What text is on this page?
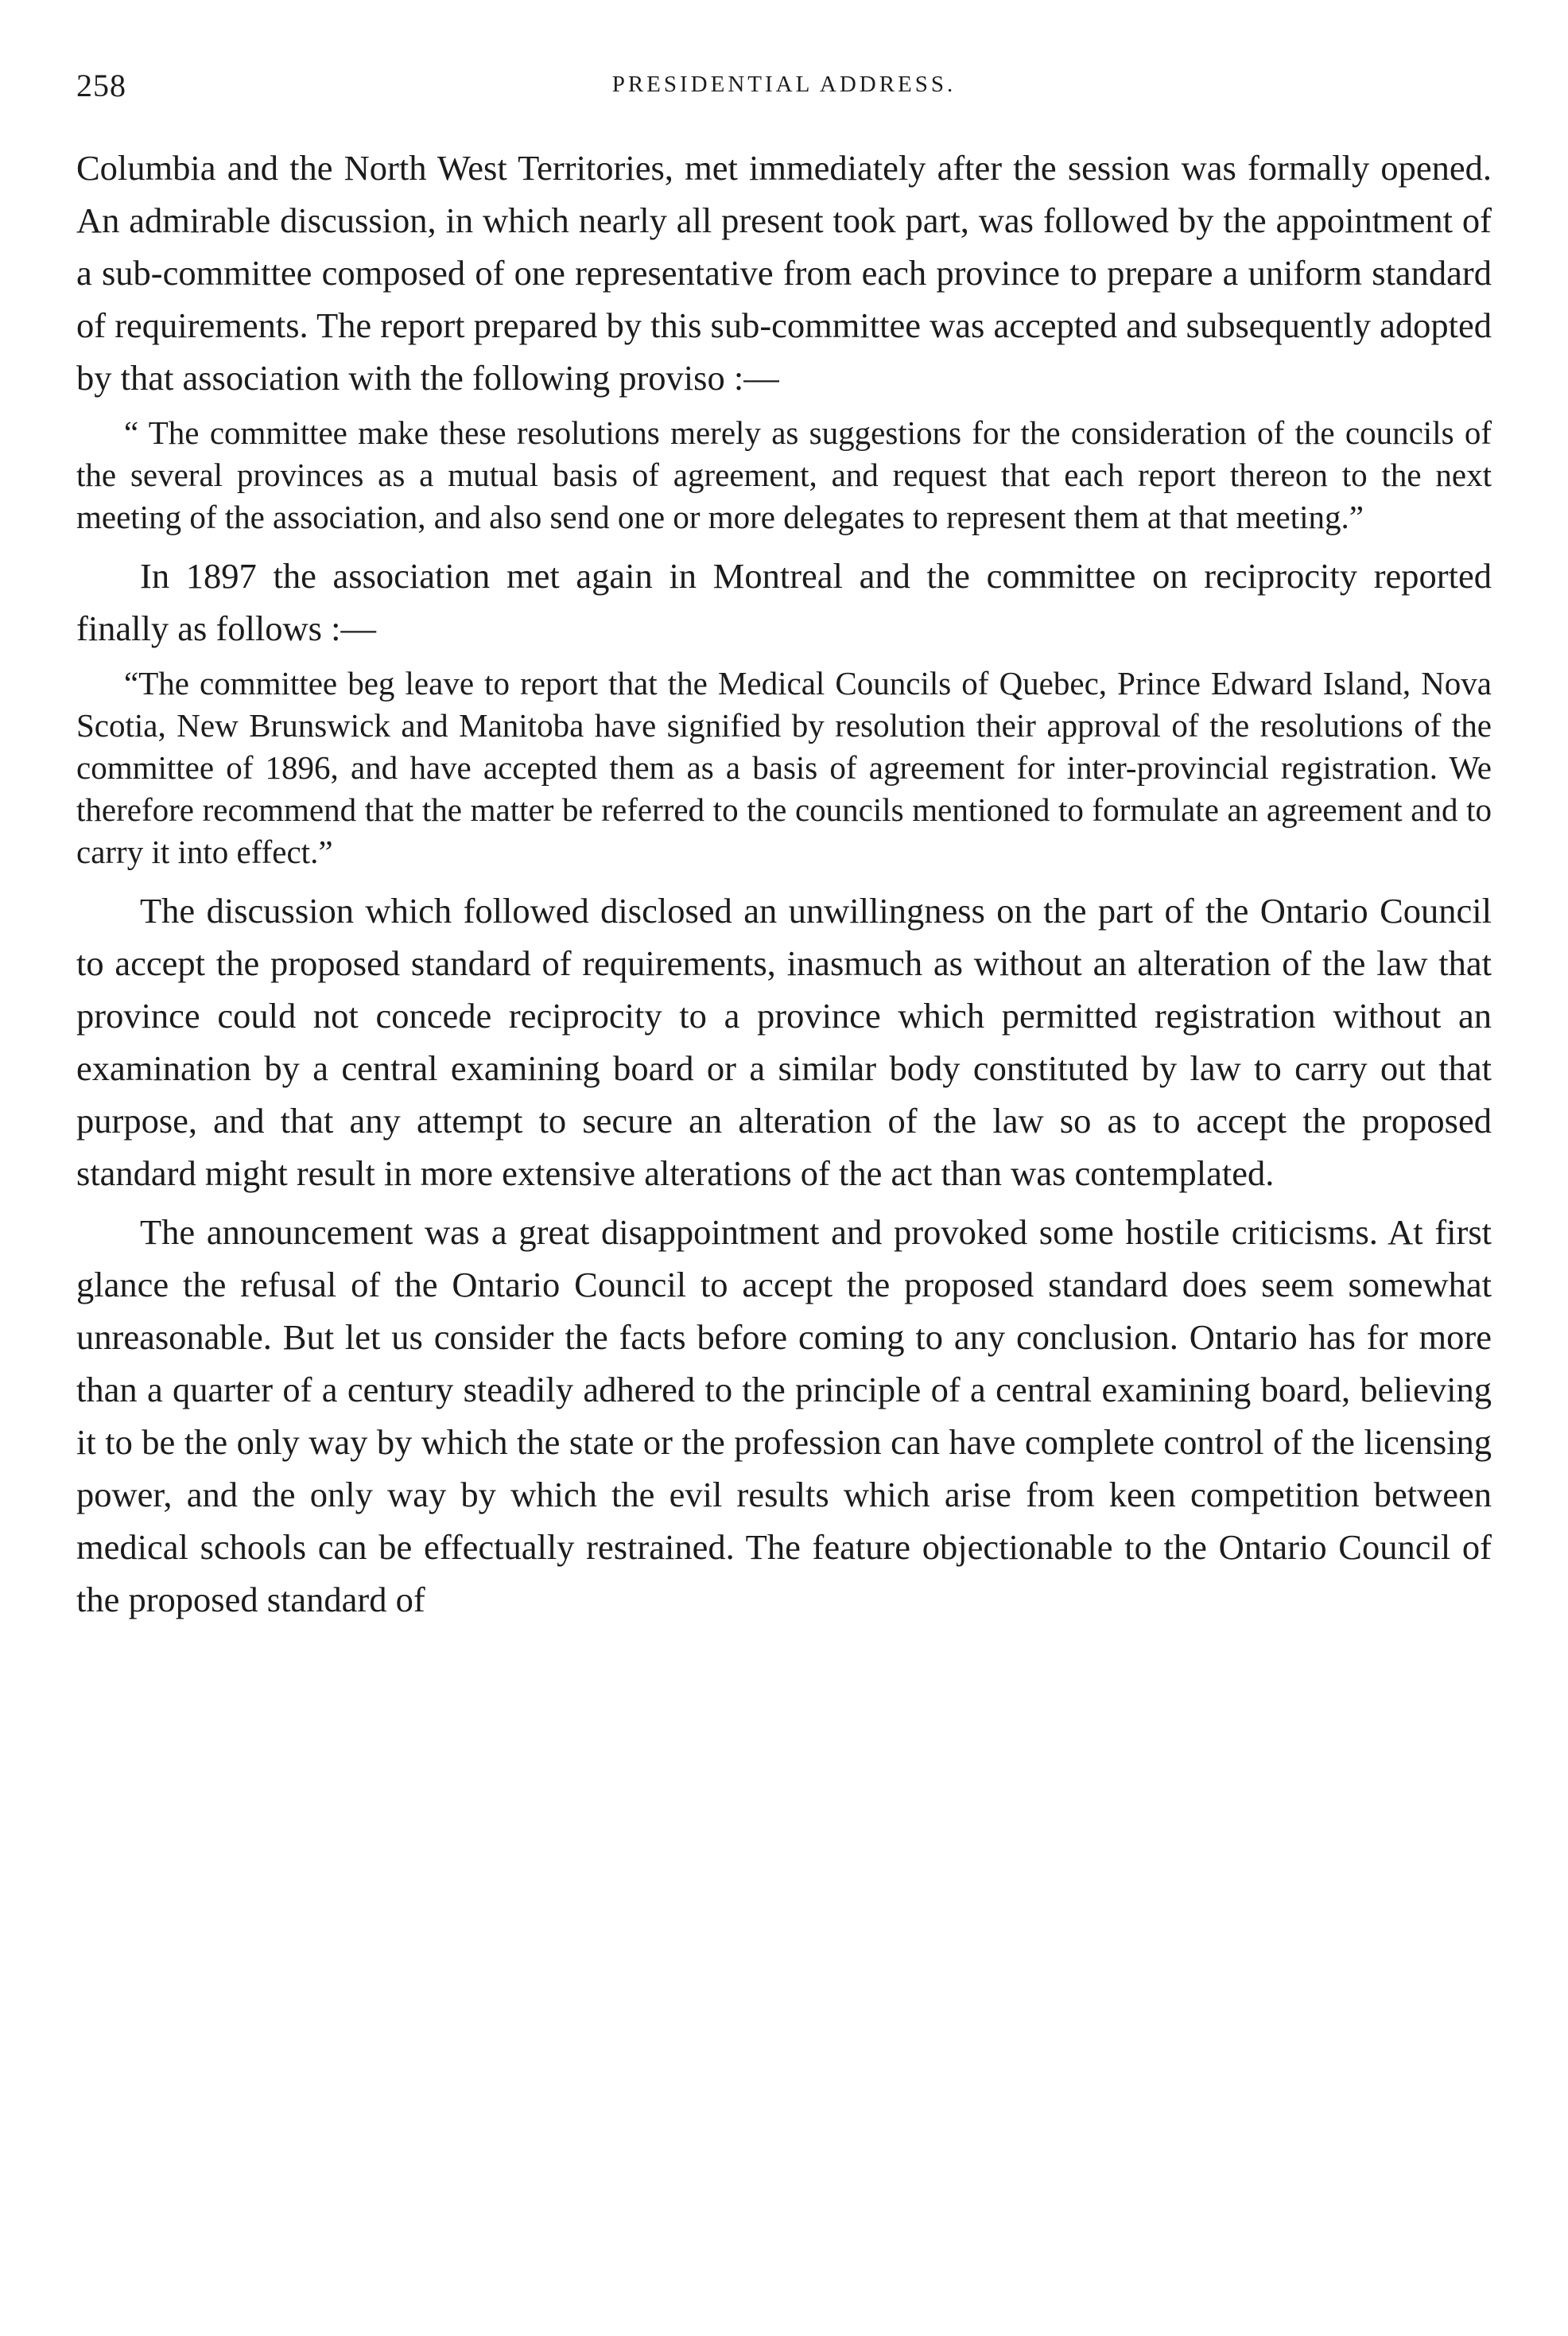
258	PRESIDENTIAL ADDRESS.

Columbia and the North West Territories, met immediately after the session was formally opened. An admirable discussion, in which nearly all present took part, was followed by the appointment of a sub-committee composed of one representative from each province to prepare a uniform standard of requirements. The report prepared by this sub-committee was accepted and subsequently adopted by that association with the following proviso :—

“ The committee make these resolutions merely as suggestions for the consideration of the councils of the several provinces as a mutual basis of agreement, and request that each report thereon to the next meeting of the association, and also send one or more delegates to represent them at that meeting.”

In 1897 the association met again in Montreal and the committee on reciprocity reported finally as follows :—

“The committee beg leave to report that the Medical Councils of Quebec, Prince Edward Island, Nova Scotia, New Brunswick and Manitoba have signified by resolution their approval of the resolutions of the committee of 1896, and have accepted them as a basis of agreement for inter-provincial registration. We therefore recommend that the matter be referred to the councils mentioned to formulate an agreement and to carry it into effect.”

The discussion which followed disclosed an unwillingness on the part of the Ontario Council to accept the proposed standard of requirements, inasmuch as without an alteration of the law that province could not concede reciprocity to a province which permitted registration without an examination by a central examining board or a similar body constituted by law to carry out that purpose, and that any attempt to secure an alteration of the law so as to accept the proposed standard might result in more extensive alterations of the act than was contemplated.

The announcement was a great disappointment and provoked some hostile criticisms. At first glance the refusal of the Ontario Council to accept the proposed standard does seem somewhat unreasonable. But let us consider the facts before coming to any conclusion. Ontario has for more than a quarter of a century steadily adhered to the principle of a central examining board, believing it to be the only way by which the state or the profession can have complete control of the licensing power, and the only way by which the evil results which arise from keen competition between medical schools can be effectually restrained. The feature objectionable to the Ontario Council of the proposed standard of
